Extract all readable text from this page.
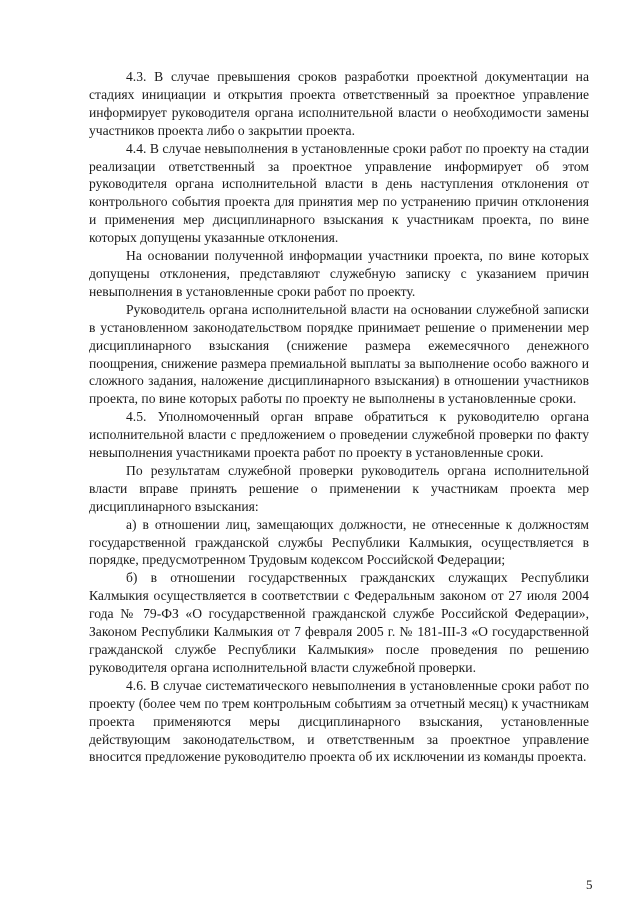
4.3. В случае превышения сроков разработки проектной документации на стадиях инициации и открытия проекта ответственный за проектное управление информирует руководителя органа исполнительной власти о необходимости замены участников проекта либо о закрытии проекта.

4.4. В случае невыполнения в установленные сроки работ по проекту на стадии реализации ответственный за проектное управление информирует об этом руководителя органа исполнительной власти в день наступления отклонения от контрольного события проекта для принятия мер по устранению причин отклонения и применения мер дисциплинарного взыскания к участникам проекта, по вине которых допущены указанные отклонения.

На основании полученной информации участники проекта, по вине которых допущены отклонения, представляют служебную записку с указанием причин невыполнения в установленные сроки работ по проекту.

Руководитель органа исполнительной власти на основании служебной записки в установленном законодательством порядке принимает решение о применении мер дисциплинарного взыскания (снижение размера ежемесячного денежного поощрения, снижение размера премиальной выплаты за выполнение особо важного и сложного задания, наложение дисциплинарного взыскания) в отношении участников проекта, по вине которых работы по проекту не выполнены в установленные сроки.

4.5. Уполномоченный орган вправе обратиться к руководителю органа исполнительной власти с предложением о проведении служебной проверки по факту невыполнения участниками проекта работ по проекту в установленные сроки.

По результатам служебной проверки руководитель органа исполнительной власти вправе принять решение о применении к участникам проекта мер дисциплинарного взыскания:

а) в отношении лиц, замещающих должности, не отнесенные к должностям государственной гражданской службы Республики Калмыкия, осуществляется в порядке, предусмотренном Трудовым кодексом Российской Федерации;

б) в отношении государственных гражданских служащих Республики Калмыкия осуществляется в соответствии с Федеральным законом от 27 июля 2004 года № 79-ФЗ «О государственной гражданской службе Российской Федерации», Законом Республики Калмыкия от 7 февраля 2005 г. № 181-III-З «О государственной гражданской службе Республики Калмыкия» после проведения по решению руководителя органа исполнительной власти служебной проверки.

4.6. В случае систематического невыполнения в установленные сроки работ по проекту (более чем по трем контрольным событиям за отчетный месяц) к участникам проекта применяются меры дисциплинарного взыскания, установленные действующим законодательством, и ответственным за проектное управление вносится предложение руководителю проекта об их исключении из команды проекта.

5
